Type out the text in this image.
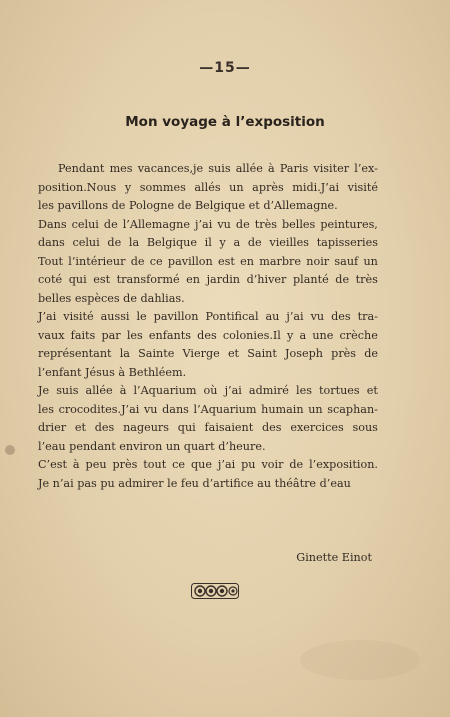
—15—
Mon voyage à l’exposition
Pendant mes vacances,je suis allée à Paris visiter l’ex-
position.Nous y sommes allés un après midi.J’ai visité
les pavillons de Pologne de Belgique et d’Allemagne.
Dans celui de l’Allemagne j’ai vu de très belles peintures,
dans celui de la Belgique il y a de vieilles tapisseries
Tout l’intérieur de ce pavillon est en marbre noir sauf un
coté qui est transformé en jardin d’hiver planté de très
belles espèces de dahlias.
J’ai visité aussi le pavillon Pontifical au j’ai vu des tra-
vaux faits par les enfants des colonies.Il y a une crèche
représentant la Sainte Vierge et Saint Joseph près de
l’enfant Jésus à Bethléem.
Je suis allée à l’Aquarium où j’ai admiré les tortues et
les crocodites.J’ai vu dans l’Aquarium humain un scaphan-
drier et des nageurs qui faisaient des exercices sous
l’eau pendant environ un quart d’heure.
C’est à peu près tout ce que j’ai pu voir de l’exposition.
Je n’ai pas pu admirer le feu d’artifice au théâtre d’eau
Ginette Einot
